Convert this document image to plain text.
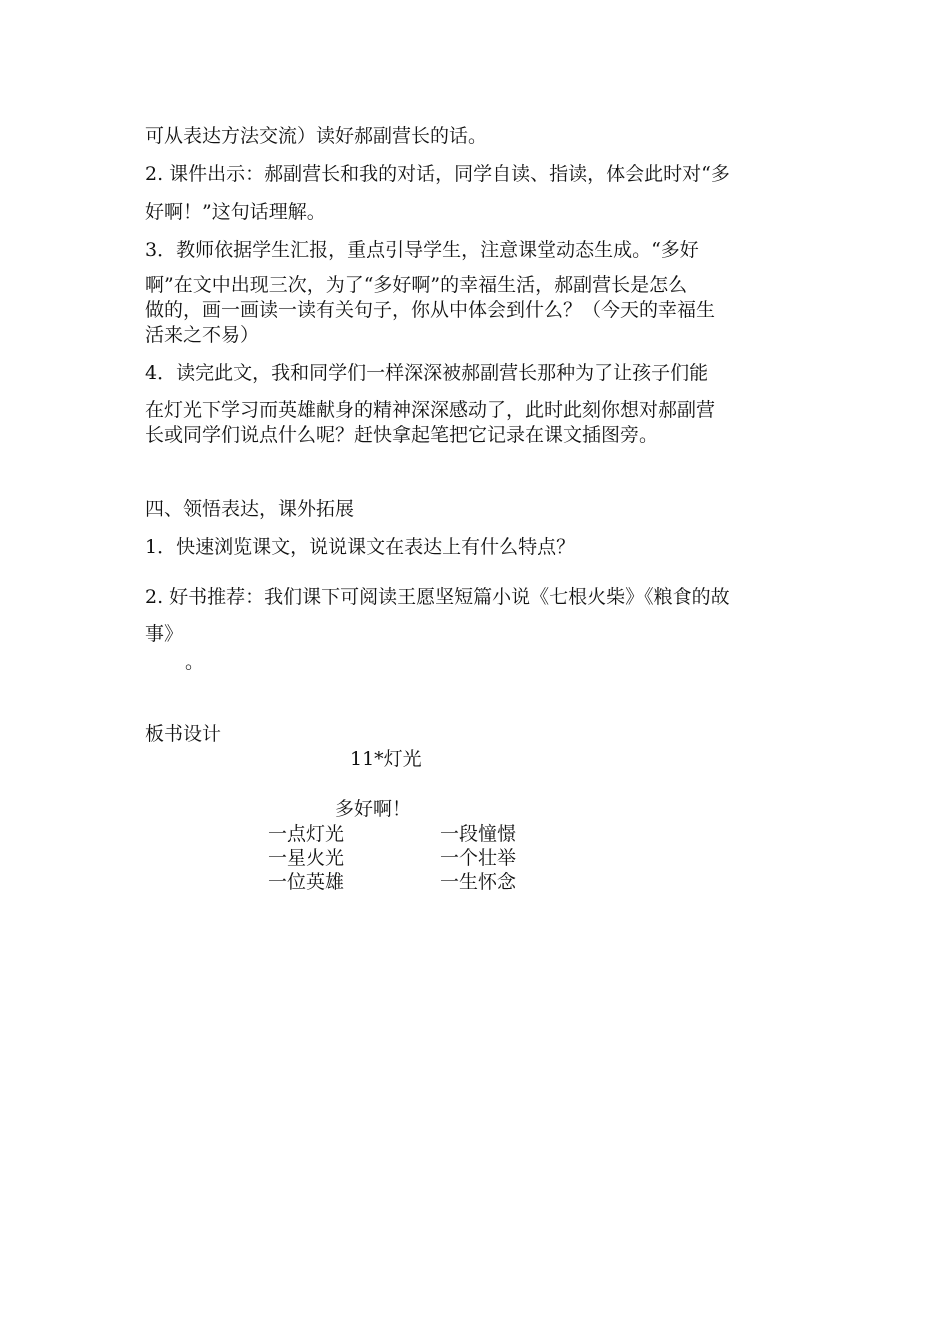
可从表达方法交流）读好郝副营长的话。
2. 课件出示：郝副营长和我的对话，同学自读、指读，体会此时对“多
好啊！”这句话理解。
3．教师依据学生汇报，重点引导学生，注意课堂动态生成。“多好
啊”在文中出现三次，为了“多好啊”的幸福生活，郝副营长是怎么
做的，画一画读一读有关句子，你从中体会到什么？（今天的幸福生
活来之不易）
4．读完此文，我和同学们一样深深被郝副营长那种为了让孩子们能
在灯光下学习而英雄献身的精神深深感动了，此时此刻你想对郝副营
长或同学们说点什么呢？赶快拿起笔把它记录在课文插图旁。
四、领悟表达，课外拓展
1．快速浏览课文，说说课文在表达上有什么特点？
2. 好书推荐：我们课下可阅读王愿坚短篇小说《七根火柴》《粮食的故
事》
。
板书设计
11*灯光
多好啊！
一点灯光
一星火光
一位英雄
一段憧憬
一个壮举
一生怀念
